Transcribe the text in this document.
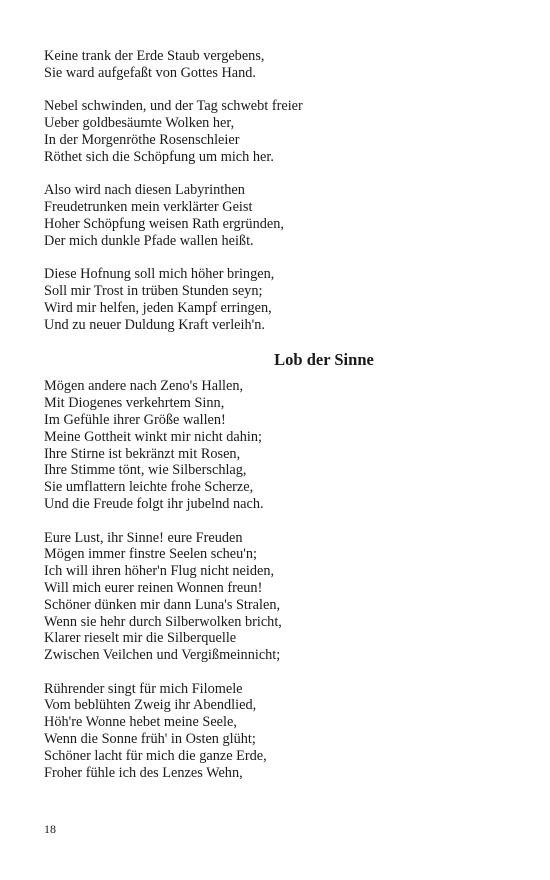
Keine trank der Erde Staub vergebens,
Sie ward aufgefaßt von Gottes Hand.
Nebel schwinden, und der Tag schwebt freier
Ueber goldbesäumte Wolken her,
In der Morgenröthe Rosenschleier
Röthet sich die Schöpfung um mich her.
Also wird nach diesen Labyrinthen
Freudetrunken mein verklärter Geist
Hoher Schöpfung weisen Rath ergründen,
Der mich dunkle Pfade wallen heißt.
Diese Hofnung soll mich höher bringen,
Soll mir Trost in trüben Stunden seyn;
Wird mir helfen, jeden Kampf erringen,
Und zu neuer Duldung Kraft verleih'n.
Lob der Sinne
Mögen andere nach Zeno's Hallen,
Mit Diogenes verkehrtem Sinn,
Im Gefühle ihrer Größe wallen!
Meine Gottheit winkt mir nicht dahin;
Ihre Stirne ist bekränzt mit Rosen,
Ihre Stimme tönt, wie Silberschlag,
Sie umflattern leichte frohe Scherze,
Und die Freude folgt ihr jubelnd nach.
Eure Lust, ihr Sinne! eure Freuden
Mögen immer finstre Seelen scheu'n;
Ich will ihren höher'n Flug nicht neiden,
Will mich eurer reinen Wonnen freun!
Schöner dünken mir dann Luna's Stralen,
Wenn sie hehr durch Silberwolken bricht,
Klarer rieselt mir die Silberquelle
Zwischen Veilchen und Vergißmeinnicht;
Rührender singt für mich Filomele
Vom beblühten Zweig ihr Abendlied,
Höh're Wonne hebet meine Seele,
Wenn die Sonne früh' in Osten glüht;
Schöner lacht für mich die ganze Erde,
Froher fühle ich des Lenzes Wehn,
18
